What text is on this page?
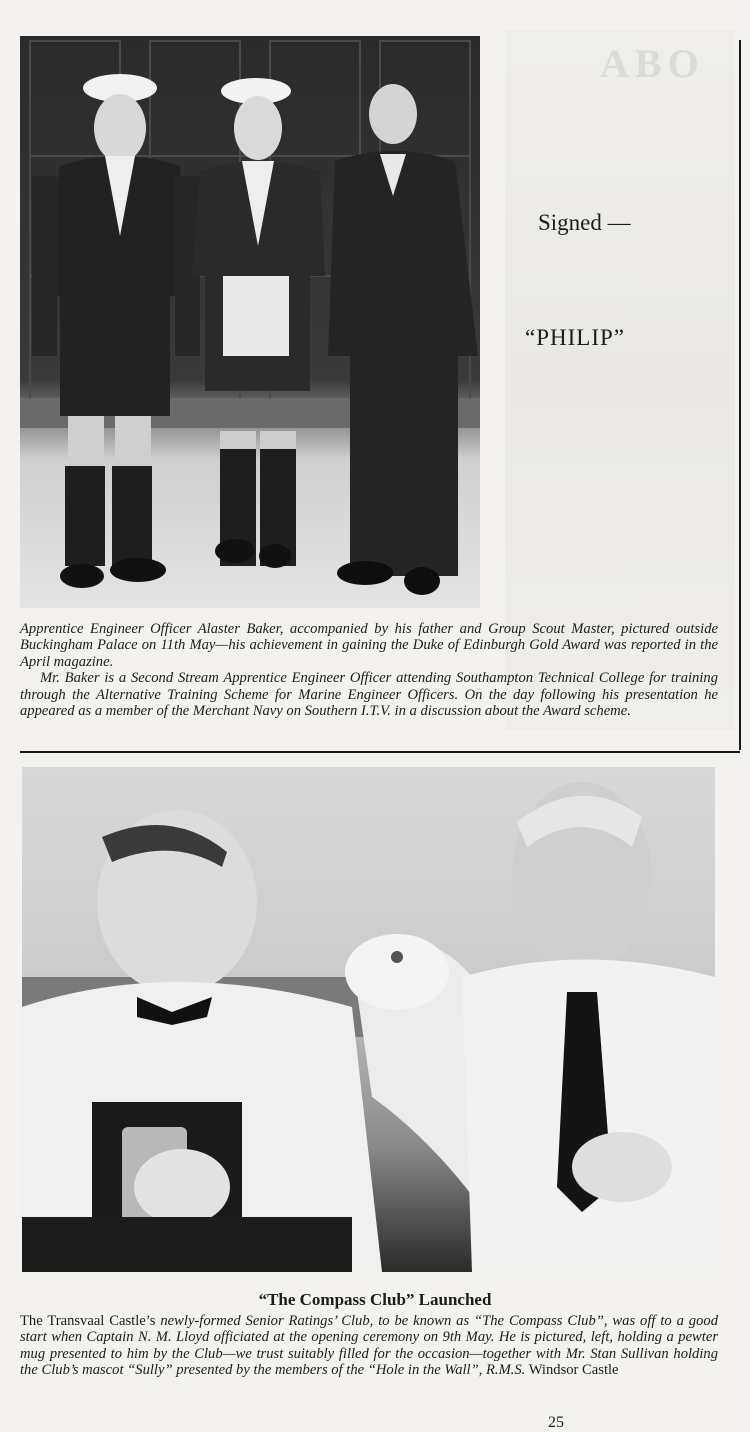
ABO
Signed —
“PHILIP”

Apprentice Engineer Officer Alaster Baker, accompanied by his father and Group Scout Master, pictured outside Buckingham Palace on 11th May—his achievement in gaining the Duke of Edinburgh Gold Award was reported in the April magazine.

Mr. Baker is a Second Stream Apprentice Engineer Officer attending Southampton Technical College for training through the Alternative Training Scheme for Marine Engineer Officers. On the day following his presentation he appeared as a member of the Merchant Navy on Southern I.T.V. in a discussion about the Award scheme.

“The Compass Club” Launched
The Transvaal Castle’s newly-formed Senior Ratings’ Club, to be known as “The Compass Club”, was off to a good start when Captain N. M. Lloyd officiated at the opening ceremony on 9th May. He is pictured, left, holding a pewter mug presented to him by the Club—we trust suitably filled for the occasion—together with Mr. Stan Sullivan holding the Club’s mascot “Sully” presented by the members of the “Hole in the Wall”, R.M.S. Windsor Castle
25
